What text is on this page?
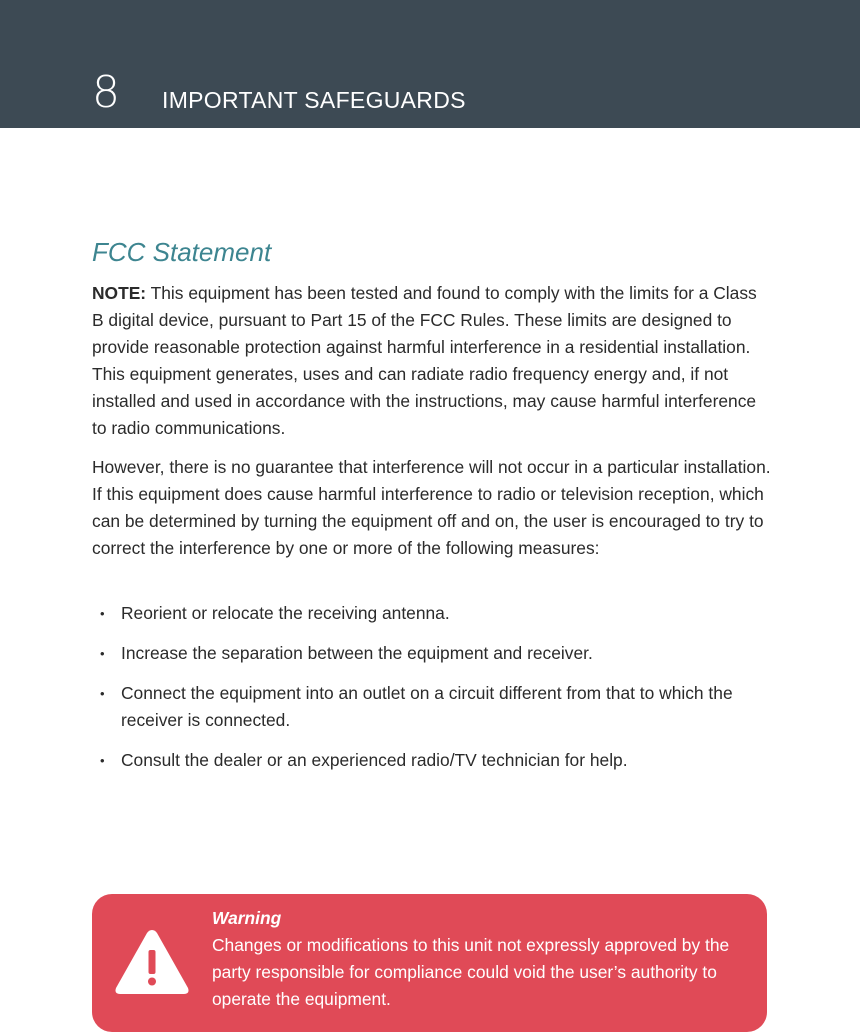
8 IMPORTANT SAFEGUARDS
FCC Statement
NOTE: This equipment has been tested and found to comply with the limits for a Class B digital device, pursuant to Part 15 of the FCC Rules. These limits are designed to provide reasonable protection against harmful interference in a residential installation. This equipment generates, uses and can radiate radio frequency energy and, if not installed and used in accordance with the instructions, may cause harmful interference to radio communications.
However, there is no guarantee that interference will not occur in a particular installation. If this equipment does cause harmful interference to radio or television reception, which can be determined by turning the equipment off and on, the user is encouraged to try to correct the interference by one or more of the following measures:
• Reorient or relocate the receiving antenna.
• Increase the separation between the equipment and receiver.
• Connect the equipment into an outlet on a circuit different from that to which the receiver is connected.
• Consult the dealer or an experienced radio/TV technician for help.
Warning
Changes or modifications to this unit not expressly approved by the party responsible for compliance could void the user’s authority to operate the equipment.
